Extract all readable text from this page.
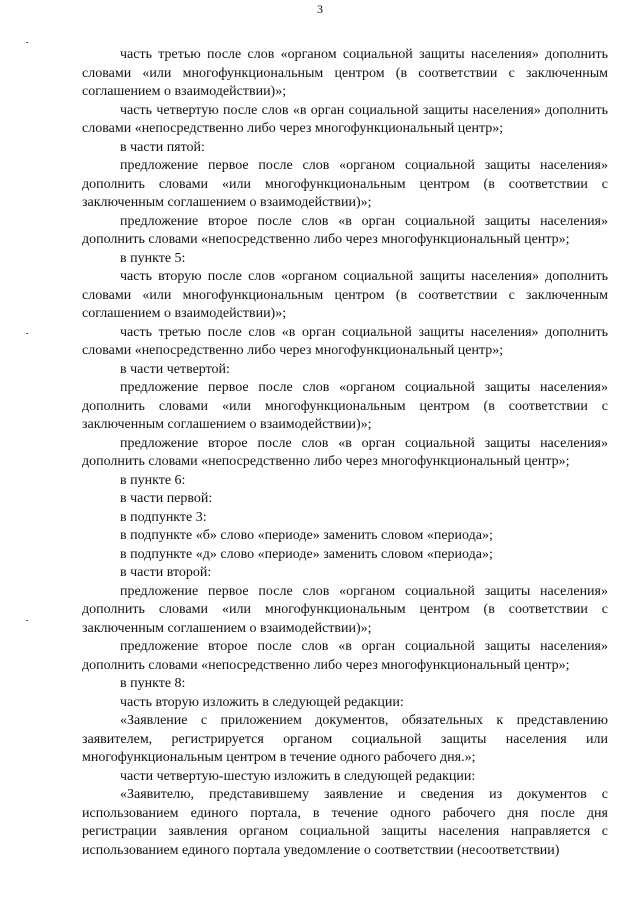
3

часть третью после слов «органом социальной защиты населения» дополнить словами «или многофункциональным центром (в соответствии с заключенным соглашением о взаимодействии)»;

часть четвертую после слов «в орган социальной защиты населения» дополнить словами «непосредственно либо через многофункциональный центр»;

в части пятой:

предложение первое после слов «органом социальной защиты населения» дополнить словами «или многофункциональным центром (в соответствии с заключенным соглашением о взаимодействии)»;

предложение второе после слов «в орган социальной защиты населения» дополнить словами «непосредственно либо через многофункциональный центр»;

в пункте 5:

часть вторую после слов «органом социальной защиты населения» дополнить словами «или многофункциональным центром (в соответствии с заключенным соглашением о взаимодействии)»;

часть третью после слов «в орган социальной защиты населения» дополнить словами «непосредственно либо через многофункциональный центр»;

в части четвертой:

предложение первое после слов «органом социальной защиты населения» дополнить словами «или многофункциональным центром (в соответствии с заключенным соглашением о взаимодействии)»;

предложение второе после слов «в орган социальной защиты населения» дополнить словами «непосредственно либо через многофункциональный центр»;

в пункте 6:

в части первой:

в подпункте 3:

в подпункте «б» слово «периоде» заменить словом «периода»;

в подпункте «д» слово «периоде» заменить словом «периода»;

в части второй:

предложение первое после слов «органом социальной защиты населения» дополнить словами «или многофункциональным центром (в соответствии с заключенным соглашением о взаимодействии)»;

предложение второе после слов «в орган социальной защиты населения» дополнить словами «непосредственно либо через многофункциональный центр»;

в пункте 8:

часть вторую изложить в следующей редакции:

«Заявление с приложением документов, обязательных к представлению заявителем, регистрируется органом социальной защиты населения или многофункциональным центром в течение одного рабочего дня.»;

части четвертую-шестую изложить в следующей редакции:

«Заявителю, представившему заявление и сведения из документов с использованием единого портала, в течение одного рабочего дня после дня регистрации заявления органом социальной защиты населения направляется с использованием единого портала уведомление о соответствии (несоответствии)
